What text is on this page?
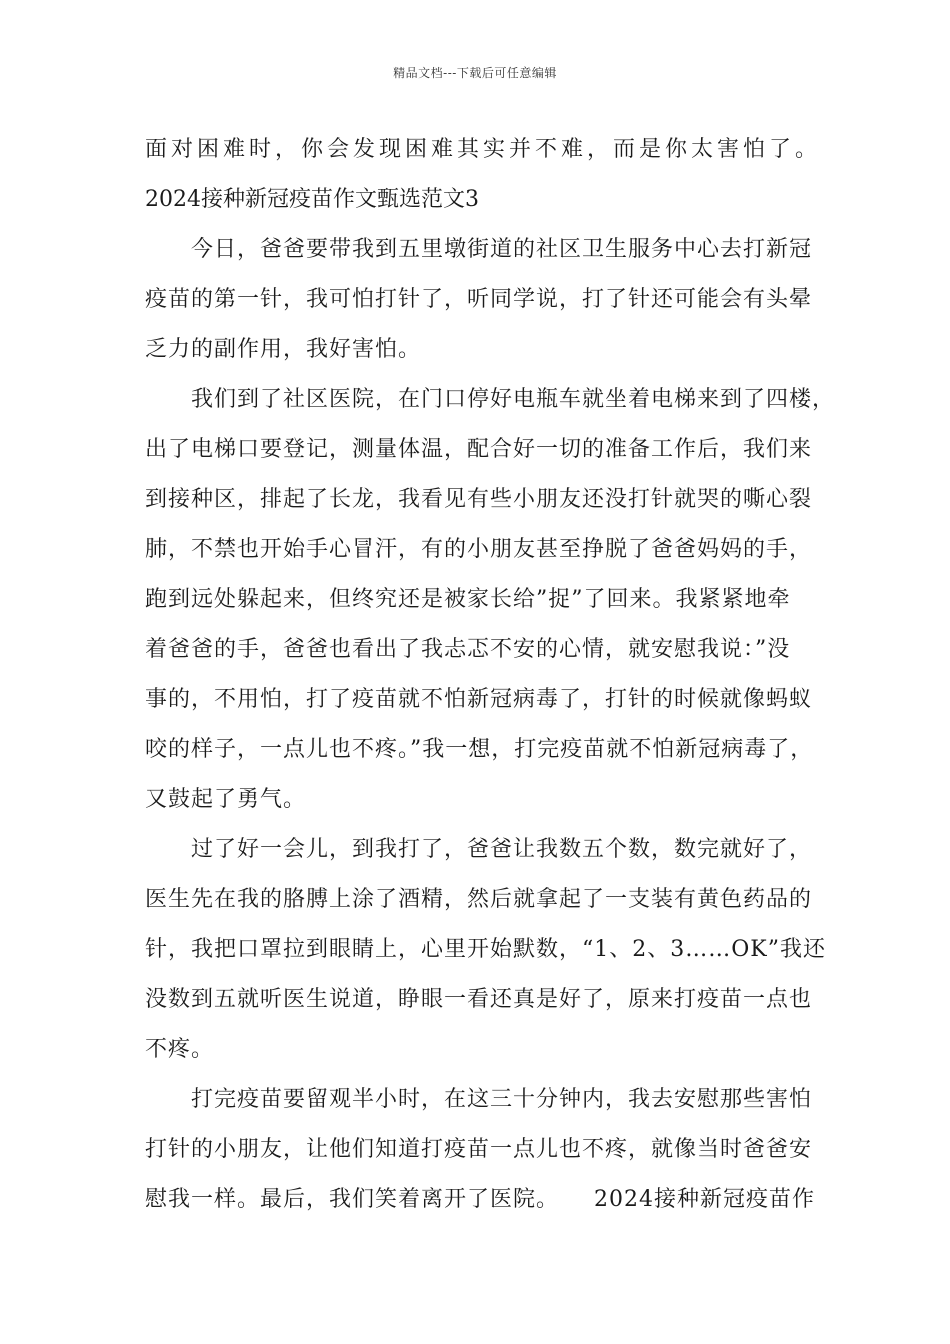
精品文档---下载后可任意编辑
面对困难时，你会发现困难其实并不难，而是你太害怕了。
2024接种新冠疫苗作文甄选范文3
　　今日，爸爸要带我到五里墩街道的社区卫生服务中心去打新冠
疫苗的第一针，我可怕打针了，听同学说，打了针还可能会有头晕
乏力的副作用，我好害怕。
　　我们到了社区医院，在门口停好电瓶车就坐着电梯来到了四楼，
出了电梯口要登记，测量体温，配合好一切的准备工作后，我们来
到接种区，排起了长龙，我看见有些小朋友还没打针就哭的嘶心裂
肺，不禁也开始手心冒汗，有的小朋友甚至挣脱了爸爸妈妈的手，
跑到远处躲起来，但终究还是被家长给”捉”了回来。我紧紧地牵
着爸爸的手，爸爸也看出了我忐忑不安的心情，就安慰我说：”没
事的，不用怕，打了疫苗就不怕新冠病毒了，打针的时候就像蚂蚁
咬的样子，一点儿也不疼。”我一想，打完疫苗就不怕新冠病毒了，
又鼓起了勇气。
　　过了好一会儿，到我打了，爸爸让我数五个数，数完就好了，
医生先在我的胳膊上涂了酒精，然后就拿起了一支装有黄色药品的
针，我把口罩拉到眼睛上，心里开始默数，“1、2、3……OK”我还
没数到五就听医生说道，睁眼一看还真是好了，原来打疫苗一点也
不疼。
　　打完疫苗要留观半小时，在这三十分钟内，我去安慰那些害怕
打针的小朋友，让他们知道打疫苗一点儿也不疼，就像当时爸爸安
慰我一样。最后，我们笑着离开了医院。　　2024接种新冠疫苗作
